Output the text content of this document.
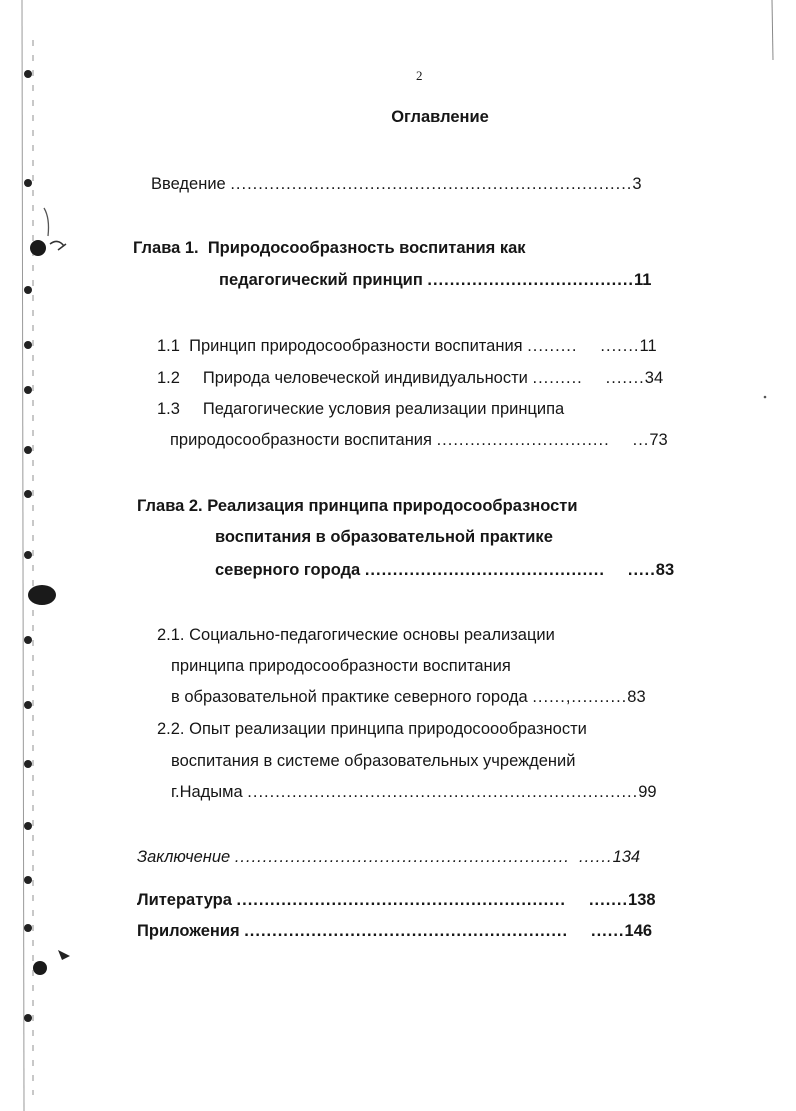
2
Оглавление
Введение ........................................................................3
Глава 1. Природосообразность воспитания как
педагогический принцип .....................................11
1.1 Принцип природосообразности воспитания ......... .......11
1.2 Природа человеческой индивидуальности ......... .......34
1.3 Педагогические условия реализации принципа
природосообразности воспитания ............................... ...73
Глава 2. Реализация принципа природосообразности
воспитания в образовательной практике
северного города ........................................... .....83
2.1. Социально-педагогические основы реализации
принципа природосообразности воспитания
в образовательной практике северного города ......,..........83
2.2. Опыт реализации принципа природосоообразности
воспитания в системе образовательных учреждений
г.Надыма ......................................................................99
Заключение ............................................................ ......134
Литература ........................................................... .......138
Приложения .......................................................... ......146
